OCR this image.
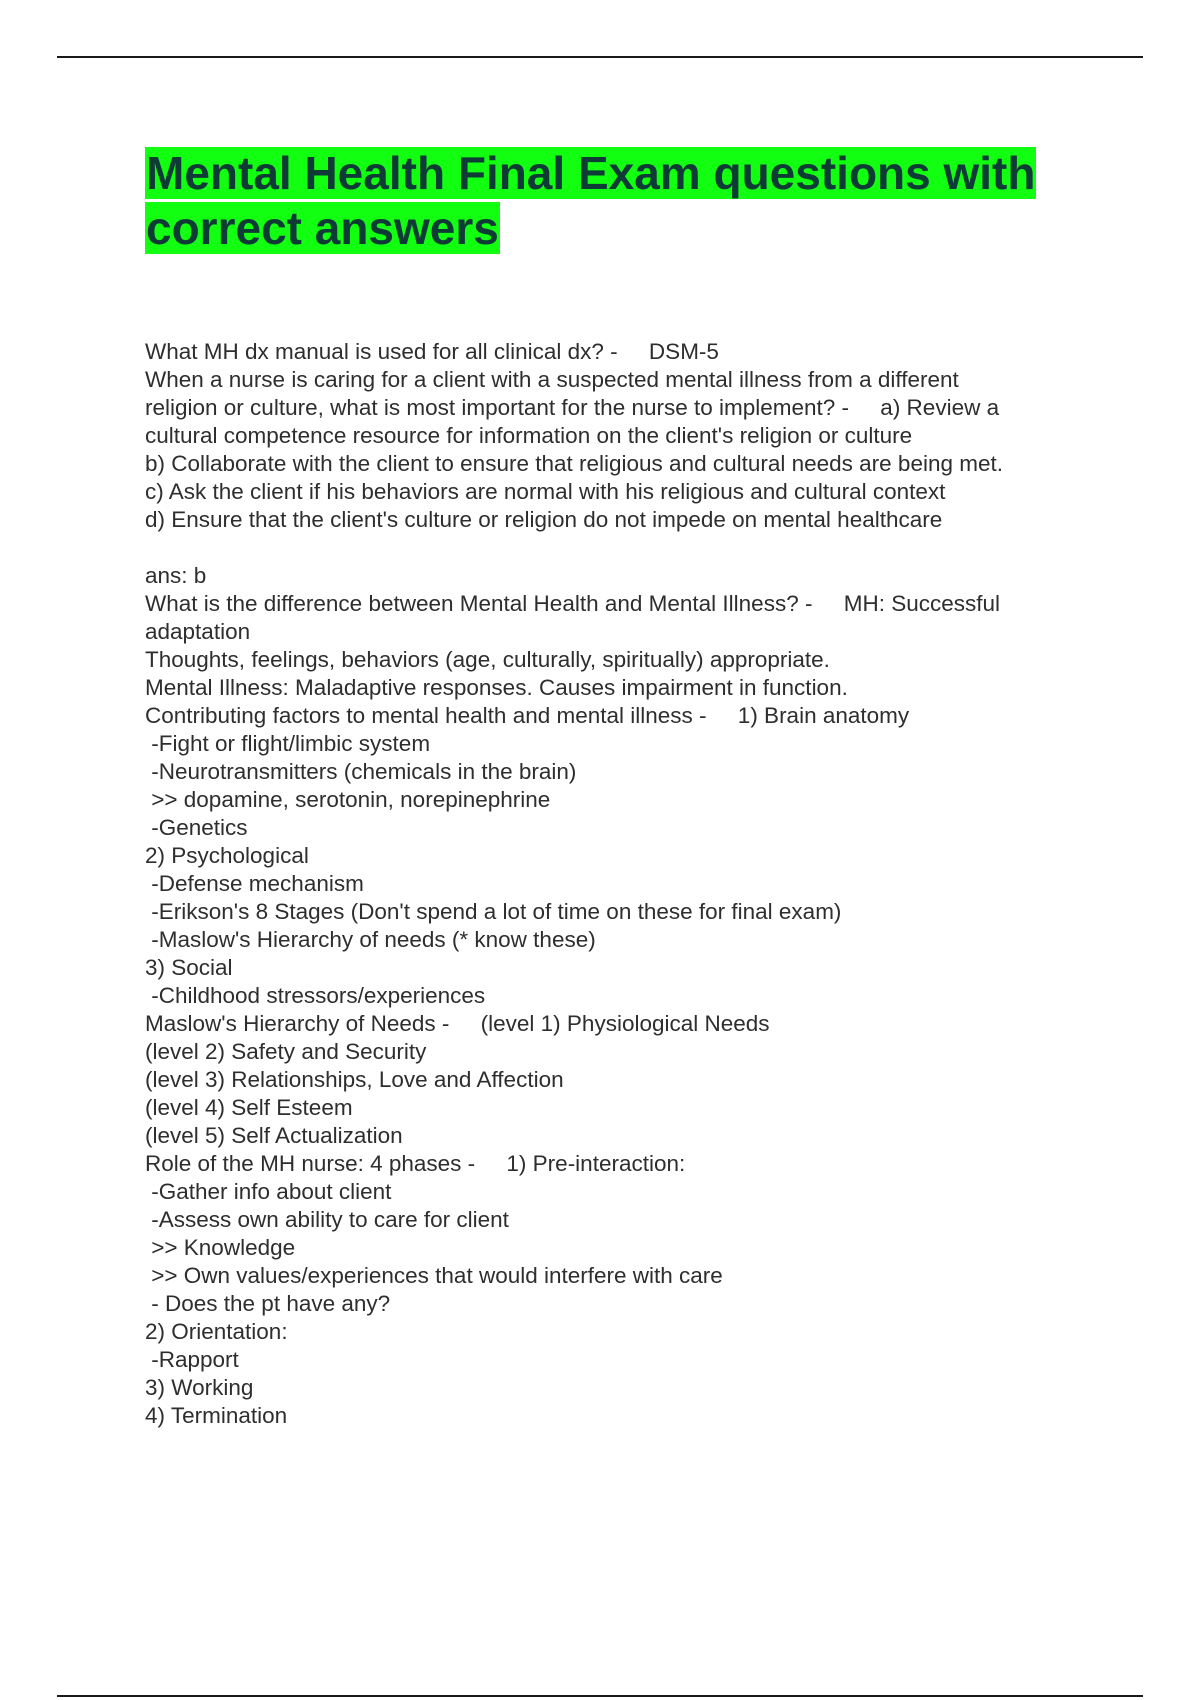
Mental Health Final Exam questions with
correct answers
What MH dx manual is used for all clinical dx? -     DSM-5
When a nurse is caring for a client with a suspected mental illness from a different
religion or culture, what is most important for the nurse to implement? -     a) Review a
cultural competence resource for information on the client's religion or culture
b) Collaborate with the client to ensure that religious and cultural needs are being met.
c) Ask the client if his behaviors are normal with his religious and cultural context
d) Ensure that the client's culture or religion do not impede on mental healthcare
ans: b
What is the difference between Mental Health and Mental Illness? -     MH: Successful
adaptation
Thoughts, feelings, behaviors (age, culturally, spiritually) appropriate.
Mental Illness: Maladaptive responses. Causes impairment in function.
Contributing factors to mental health and mental illness -     1) Brain anatomy
-Fight or flight/limbic system
-Neurotransmitters (chemicals in the brain)
>> dopamine, serotonin, norepinephrine
-Genetics
2) Psychological
-Defense mechanism
-Erikson's 8 Stages (Don't spend a lot of time on these for final exam)
-Maslow's Hierarchy of needs (* know these)
3) Social
-Childhood stressors/experiences
Maslow's Hierarchy of Needs -     (level 1) Physiological Needs
(level 2) Safety and Security
(level 3) Relationships, Love and Affection
(level 4) Self Esteem
(level 5) Self Actualization
Role of the MH nurse: 4 phases -     1) Pre-interaction:
-Gather info about client
-Assess own ability to care for client
>> Knowledge
>> Own values/experiences that would interfere with care
- Does the pt have any?
2) Orientation:
-Rapport
3) Working
4) Termination
